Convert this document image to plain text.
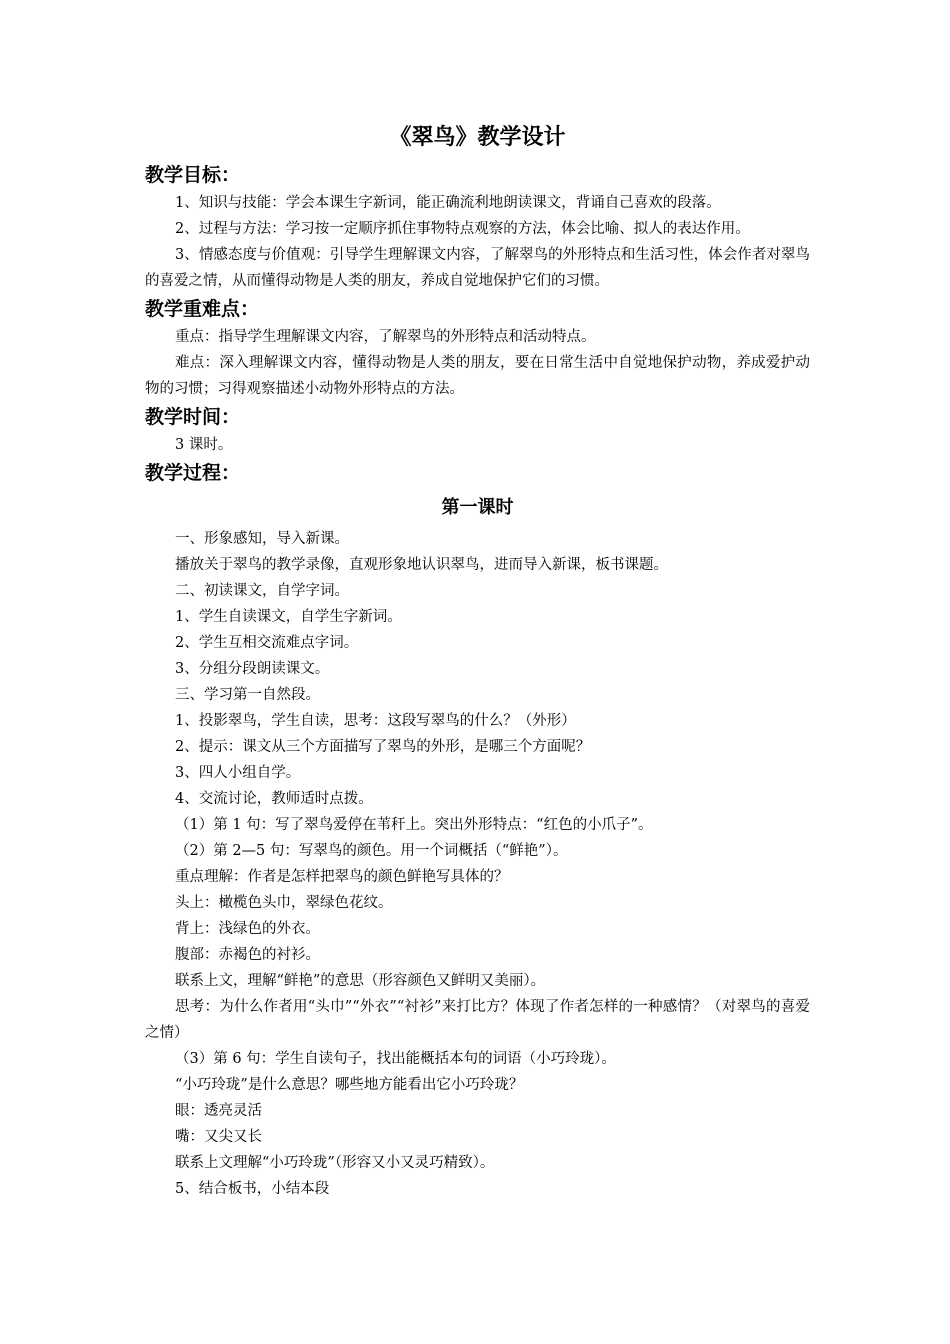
《翠鸟》教学设计
教学目标：
1、知识与技能：学会本课生字新词，能正确流利地朗读课文，背诵自己喜欢的段落。
2、过程与方法：学习按一定顺序抓住事物特点观察的方法，体会比喻、拟人的表达作用。
3、情感态度与价值观：引导学生理解课文内容，了解翠鸟的外形特点和生活习性，体会作者对翠鸟的喜爱之情，从而懂得动物是人类的朋友，养成自觉地保护它们的习惯。
教学重难点：
重点：指导学生理解课文内容，了解翠鸟的外形特点和活动特点。
难点：深入理解课文内容，懂得动物是人类的朋友，要在日常生活中自觉地保护动物，养成爱护动物的习惯；习得观察描述小动物外形特点的方法。
教学时间：
3 课时。
教学过程：
第一课时
一、形象感知，导入新课。
播放关于翠鸟的教学录像，直观形象地认识翠鸟，进而导入新课，板书课题。
二、初读课文，自学字词。
1、学生自读课文，自学生字新词。
2、学生互相交流难点字词。
3、分组分段朗读课文。
三、学习第一自然段。
1、投影翠鸟，学生自读，思考：这段写翠鸟的什么？（外形）
2、提示：课文从三个方面描写了翠鸟的外形，是哪三个方面呢？
3、四人小组自学。
4、交流讨论，教师适时点拨。
（1）第 1 句：写了翠鸟爱停在苇秆上。突出外形特点：“红色的小爪子”。
（2）第 2—5 句：写翠鸟的颜色。用一个词概括（“鲜艳”）。
重点理解：作者是怎样把翠鸟的颜色鲜艳写具体的？
头上：橄榄色头巾，翠绿色花纹。
背上：浅绿色的外衣。
腹部：赤褐色的衬衫。
联系上文，理解“鲜艳”的意思（形容颜色又鲜明又美丽）。
思考：为什么作者用“头巾”“外衣”“衬衫”来打比方？体现了作者怎样的一种感情？（对翠鸟的喜爱之情）
（3）第 6 句：学生自读句子，找出能概括本句的词语（小巧玲珑）。
“小巧玲珑”是什么意思？哪些地方能看出它小巧玲珑？
眼：透亮灵活
嘴：又尖又长
联系上文理解“小巧玲珑”（形容又小又灵巧精致）。
5、结合板书，小结本段
